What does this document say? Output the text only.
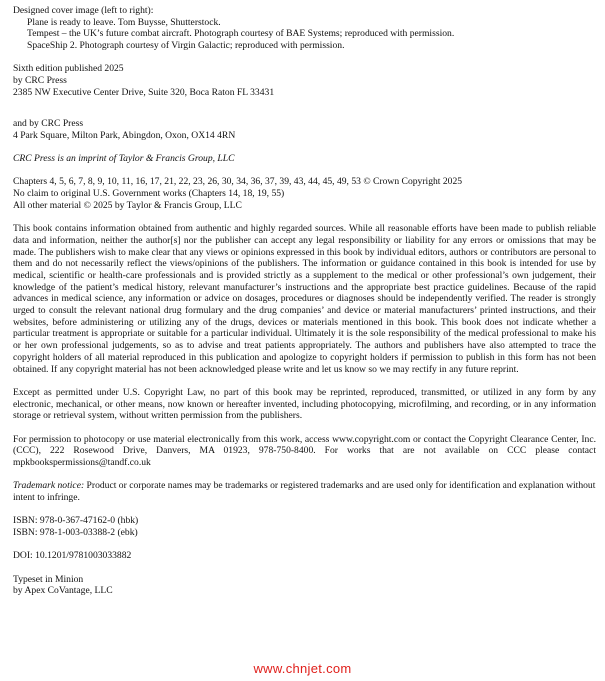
Designed cover image (left to right):

Plane is ready to leave. Tom Buysse, Shutterstock.

Tempest – the UK’s future combat aircraft. Photograph courtesy of BAE Systems; reproduced with permission.

SpaceShip 2. Photograph courtesy of Virgin Galactic; reproduced with permission.

Sixth edition published 2025

by CRC Press

2385 NW Executive Center Drive, Suite 320, Boca Raton FL 33431

and by CRC Press

4 Park Square, Milton Park, Abingdon, Oxon, OX14 4RN

CRC Press is an imprint of Taylor & Francis Group, LLC

Chapters 4, 5, 6, 7, 8, 9, 10, 11, 16, 17, 21, 22, 23, 26, 30, 34, 36, 37, 39, 43, 44, 45, 49, 53 © Crown Copyright 2025

No claim to original U.S. Government works (Chapters 14, 18, 19, 55)

All other material © 2025 by Taylor & Francis Group, LLC

This book contains information obtained from authentic and highly regarded sources. While all reasonable efforts have been made to publish reliable data and information, neither the author[s] nor the publisher can accept any legal responsibility or liability for any errors or omissions that may be made. The publishers wish to make clear that any views or opinions expressed in this book by individual editors, authors or contributors are personal to them and do not necessarily reflect the views/opinions of the publishers. The information or guidance contained in this book is intended for use by medical, scientific or health-care professionals and is provided strictly as a supplement to the medical or other professional’s own judgement, their knowledge of the patient’s medical history, relevant manufacturer’s instructions and the appropriate best practice guidelines. Because of the rapid advances in medical science, any information or advice on dosages, procedures or diagnoses should be independently verified. The reader is strongly urged to consult the relevant national drug formulary and the drug companies’ and device or material manufacturers’ printed instructions, and their websites, before administering or utilizing any of the drugs, devices or materials mentioned in this book. This book does not indicate whether a particular treatment is appropriate or suitable for a particular individual. Ultimately it is the sole responsibility of the medical professional to make his or her own professional judgements, so as to advise and treat patients appropriately. The authors and publishers have also attempted to trace the copyright holders of all material reproduced in this publication and apologize to copyright holders if permission to publish in this form has not been obtained. If any copyright material has not been acknowledged please write and let us know so we may rectify in any future reprint.

Except as permitted under U.S. Copyright Law, no part of this book may be reprinted, reproduced, transmitted, or utilized in any form by any electronic, mechanical, or other means, now known or hereafter invented, including photocopying, microfilming, and recording, or in any information storage or retrieval system, without written permission from the publishers.

For permission to photocopy or use material electronically from this work, access www.copyright.com or contact the Copyright Clearance Center, Inc. (CCC), 222 Rosewood Drive, Danvers, MA 01923, 978-750-8400. For works that are not available on CCC please contact mpkbookspermissions@tandf.co.uk

Trademark notice: Product or corporate names may be trademarks or registered trademarks and are used only for identification and explanation without intent to infringe.

ISBN: 978-0-367-47162-0 (hbk)

ISBN: 978-1-003-03388-2 (ebk)

DOI: 10.1201/9781003033882

Typeset in Minion

by Apex CoVantage, LLC

www.chnjet.com
